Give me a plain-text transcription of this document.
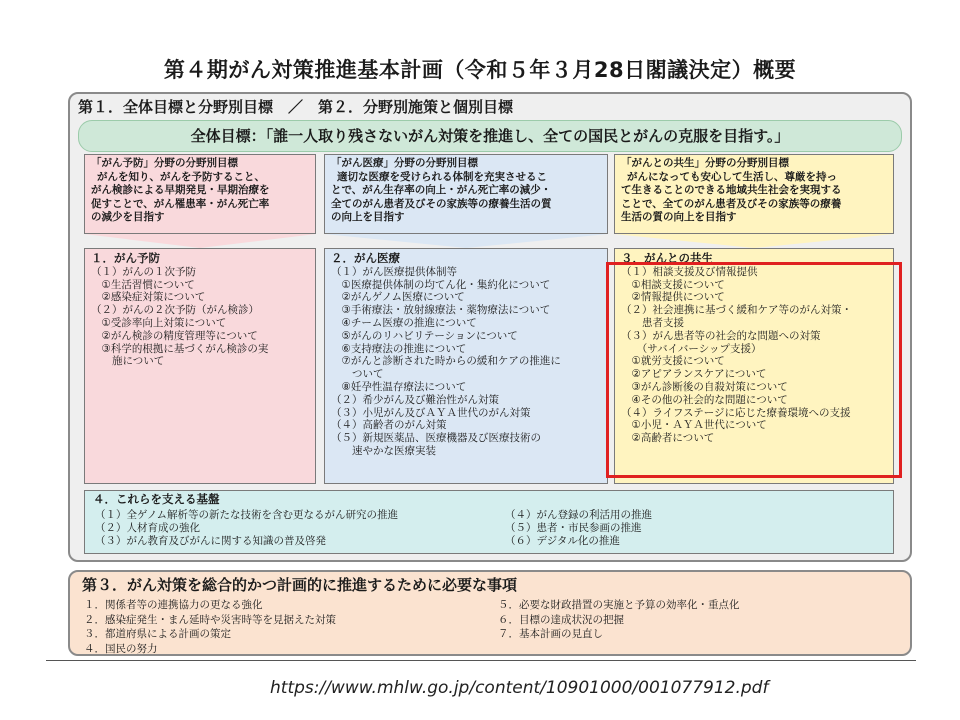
第４期がん対策推進基本計画（令和５年３月28日閣議決定）概要
第１．全体目標と分野別目標　／　第２．分野別施策と個別目標
全体目標：「誰一人取り残さないがん対策を推進し、全ての国民とがんの克服を目指す。」
「がん予防」分野の分野別目標
がんを知り、がんを予防すること、
がん検診による早期発見・早期治療を
促すことで、がん罹患率・がん死亡率
の減少を目指す
「がん医療」分野の分野別目標
適切な医療を受けられる体制を充実させるこ
とで、がん生存率の向上・がん死亡率の減少・
全てのがん患者及びその家族等の療養生活の質
の向上を目指す
「がんとの共生」分野の分野別目標
がんになっても安心して生活し、尊厳を持っ
て生きることのできる地域共生社会を実現する
ことで、全てのがん患者及びその家族等の療養
生活の質の向上を目指す
１．がん予防
（１）がんの１次予防
　①生活習慣について
　②感染症対策について
（２）がんの２次予防（がん検診）
　①受診率向上対策について
　②がん検診の精度管理等について
　③科学的根拠に基づくがん検診の実
　　施について
２．がん医療
（１）がん医療提供体制等
　①医療提供体制の均てん化・集約化について
　②がんゲノム医療について
　③手術療法・放射線療法・薬物療法について
　④チーム医療の推進について
　⑤がんのリハビリテーションについて
　⑥支持療法の推進について
　⑦がんと診断された時からの緩和ケアの推進に
　　ついて
　⑧妊孕性温存療法について
（２）希少がん及び難治性がん対策
（３）小児がん及びＡＹＡ世代のがん対策
（４）高齢者のがん対策
（５）新規医薬品、医療機器及び医療技術の
　　速やかな医療実装
３．がんとの共生
（１）相談支援及び情報提供
　①相談支援について
　②情報提供について
（２）社会連携に基づく緩和ケア等のがん対策・
　　患者支援
（３）がん患者等の社会的な問題への対策
　　（サバイバーシップ支援）
　①就労支援について
　②アピアランスケアについて
　③がん診断後の自殺対策について
　④その他の社会的な問題について
（４）ライフステージに応じた療養環境への支援
　①小児・ＡＹＡ世代について
　②高齢者について
４．これらを支える基盤
（１）全ゲノム解析等の新たな技術を含む更なるがん研究の推進
（２）人材育成の強化
（３）がん教育及びがんに関する知識の普及啓発
（４）がん登録の利活用の推進
（５）患者・市民参画の推進
（６）デジタル化の推進
第３．がん対策を総合的かつ計画的に推進するために必要な事項
１．関係者等の連携協力の更なる強化
２．感染症発生・まん延時や災害時等を見据えた対策
３．都道府県による計画の策定
４．国民の努力
５．必要な財政措置の実施と予算の効率化・重点化
６．目標の達成状況の把握
７．基本計画の見直し
https://www.mhlw.go.jp/content/10901000/001077912.pdf
